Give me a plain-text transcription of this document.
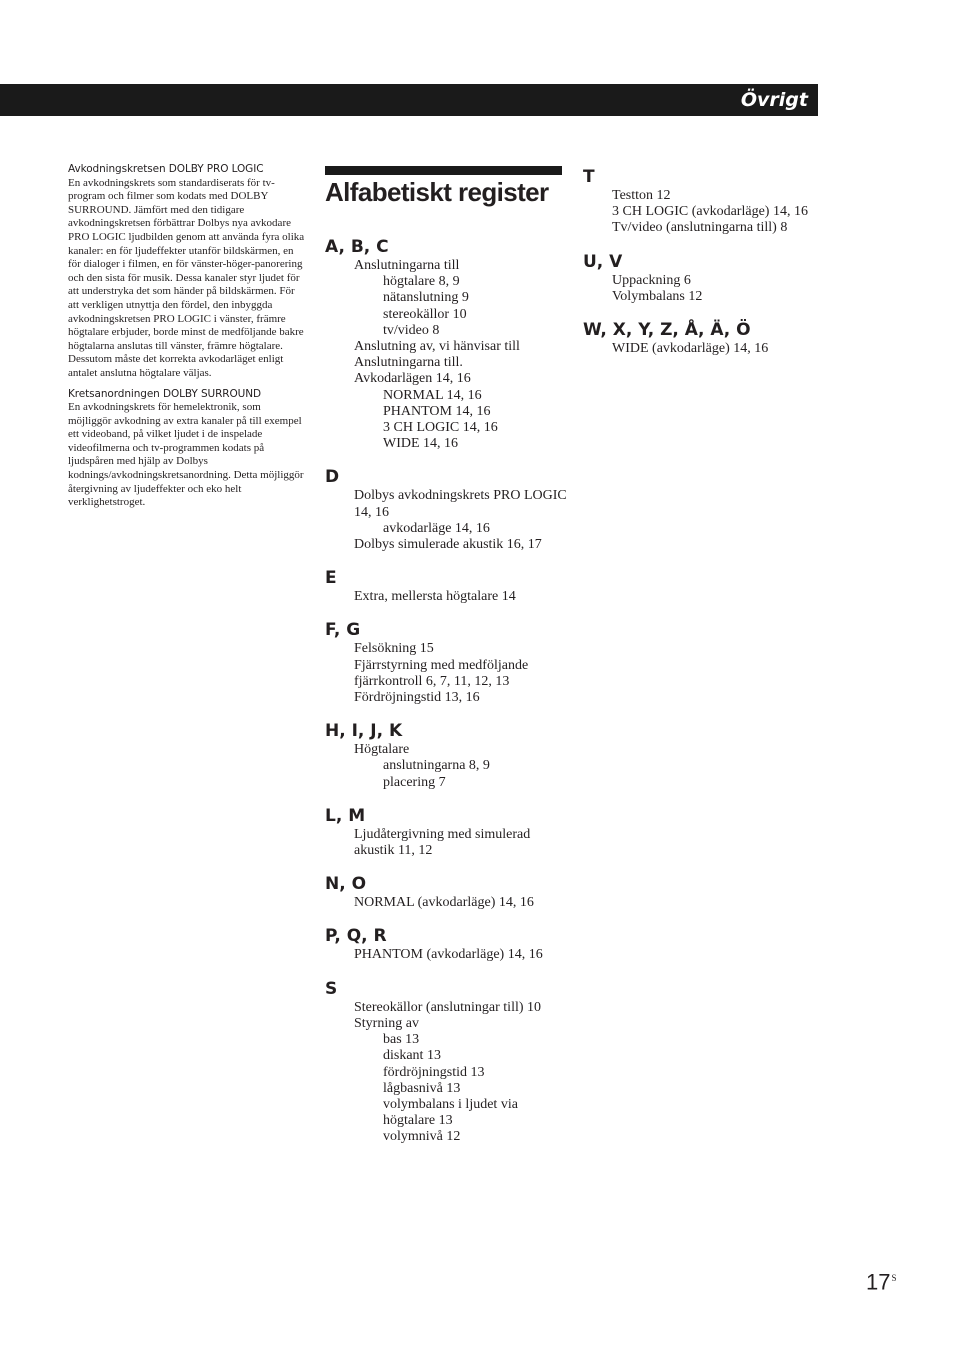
Övrigt
Avkodningskretsen DOLBY PRO LOGIC

En avkodningskrets som standardiserats för tv-program och filmer som kodats med DOLBY SURROUND. Jämfört med den tidigare avkodningskretsen förbättrar Dolbys nya avkodare PRO LOGIC ljudbilden genom att använda fyra olika kanaler: en för ljudeffekter utanför bildskärmen, en för dialoger i filmen, en för vänster-höger-panorering och den sista för musik. Dessa kanaler styr ljudet för att understryka det som händer på bildskärmen. För att verkligen utnyttja den fördel, den inbyggda avkodningskretsen PRO LOGIC i vänster, främre högtalare erbjuder, borde minst de medföljande bakre högtalarna anslutas till vänster, främre högtalare. Dessutom måste det korrekta avkodarläget enligt antalet anslutna högtalare väljas.

Kretsanordningen DOLBY SURROUND

En avkodningskrets för hemelektronik, som möjliggör avkodning av extra kanaler på till exempel ett videoband, på vilket ljudet i de inspelade videofilmerna och tv-programmen kodats på ljudspåren med hjälp av Dolbys kodnings/avkodningskretsanordning. Detta möjliggör återgivning av ljudeffekter och eko helt verklighetstroget.

Alfabetiskt register
A, B, C
Anslutningarna till
högtalare 8, 9
nätanslutning 9
stereokällor 10
tv/video 8
Anslutning av, vi hänvisar till
Anslutningarna till.
Avkodarlägen 14, 16
NORMAL 14, 16
PHANTOM 14, 16
3 CH LOGIC 14, 16
WIDE 14, 16
D
Dolbys avkodningskrets PRO LOGIC 14, 16
avkodarläge 14, 16
Dolbys simulerade akustik 16, 17
E
Extra, mellersta högtalare 14
F, G
Felsökning 15
Fjärrstyrning med medföljande fjärrkontroll 6, 7, 11, 12, 13
Fördröjningstid 13, 16
H, I, J, K
Högtalare
anslutningarna 8, 9
placering 7
L, M
Ljudåtergivning med simulerad akustik 11, 12
N, O
NORMAL (avkodarläge) 14, 16
P, Q, R
PHANTOM (avkodarläge) 14, 16
S
Stereokällor (anslutningar till) 10
Styrning av
bas 13
diskant 13
fördröjningstid 13
lågbasnivå 13
volymbalans i ljudet via högtalare 13
volymnivå 12
T
Testton 12
3 CH LOGIC (avkodarläge) 14, 16
Tv/video (anslutningarna till) 8
U, V
Uppackning 6
Volymbalans 12
W, X, Y, Z, Å, Ä, Ö
WIDE (avkodarläge) 14, 16
$17^S$
